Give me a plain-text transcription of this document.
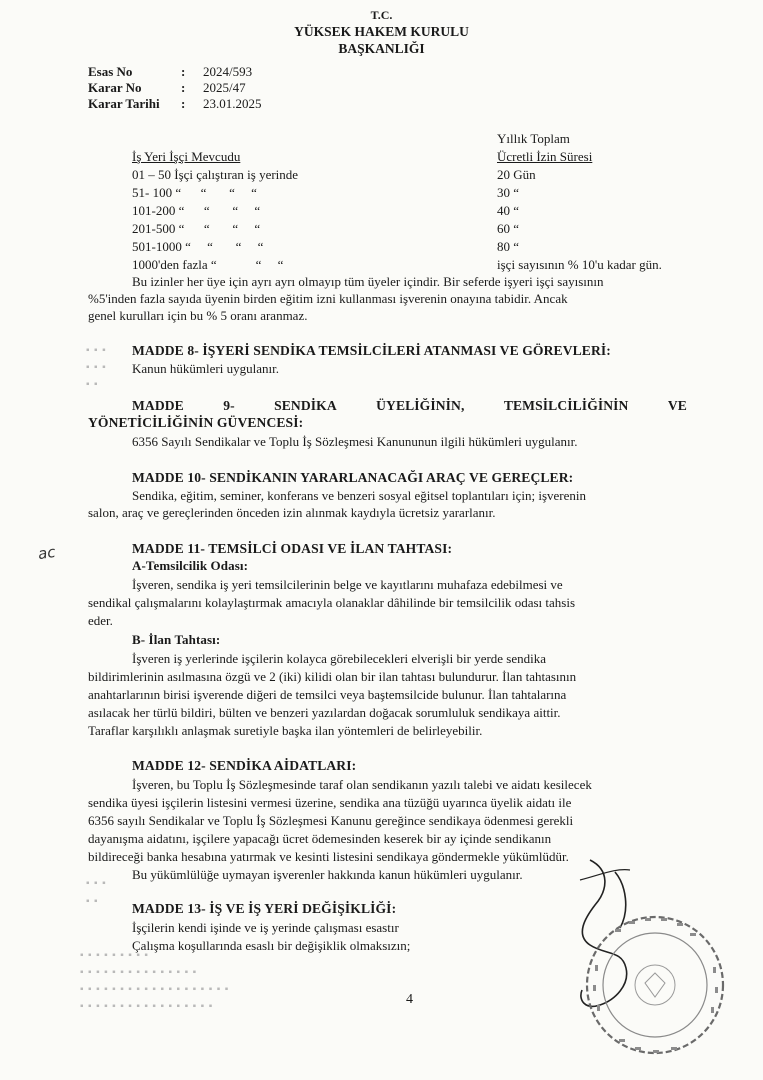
T.C.
YÜKSEK HAKEM KURULU
BAŞKANLIĞI
Esas No	: 2024/593
Karar No	: 2025/47
Karar Tarihi : 23.01.2025
Yıllık Toplam
İş Yeri İşçi Mevcudu	Ücretli İzin Süresi
01 – 50 İşçi çalıştıran iş yerinde	20 Gün
51- 100 “      “       “     “	30 “
101-200 “      “       “     “	40 “
201-500 “      “       “     “	60 “
501-1000 “     “       “     “	80 “
1000'den fazla “            “     “	işçi sayısının % 10'u kadar gün.
Bu izinler her üye için ayrı ayrı olmayıp tüm üyeler içindir. Bir seferde işyeri işçi sayısının
%5'inden fazla sayıda üyenin birden eğitim izni kullanması işverenin onayına tabidir. Ancak
genel kurulları için bu % 5 oranı aranmaz.
MADDE 8- İŞYERİ SENDİKA TEMSİLCİLERİ ATANMASI VE GÖREVLERİ:
Kanun hükümleri uygulanır.
MADDE	9-	SENDİKA	ÜYELİĞİNİN,	TEMSİLCİLİĞİNİN	VE
YÖNETİCİLİĞİNİN GÜVENCESİ:
6356 Sayılı Sendikalar ve Toplu İş Sözleşmesi Kanununun ilgili hükümleri uygulanır.
MADDE 10- SENDİKANIN YARARLANACAĞI ARAÇ VE GEREÇLER:
Sendika, eğitim, seminer, konferans ve benzeri sosyal eğitsel toplantıları için; işverenin
salon, araç ve gereçlerinden önceden izin alınmak kaydıyla ücretsiz yararlanır.
ac	MADDE 11- TEMSİLCİ ODASI VE İLAN TAHTASI:
A-Temsilcilik Odası:
İşveren, sendika iş yeri temsilcilerinin belge ve kayıtlarını muhafaza edebilmesi ve
sendikal çalışmalarını kolaylaştırmak amacıyla olanaklar dâhilinde bir temsilcilik odası tahsis
eder.
B- İlan Tahtası:
İşveren iş yerlerinde işçilerin kolayca görebilecekleri elverişli bir yerde sendika
bildirimlerinin asılmasına özgü ve 2 (iki) kilidi olan bir ilan tahtası bulundurur. İlan tahtasının
anahtarlarının birisi işverende diğeri de temsilci veya baştemsilcide bulunur. İlan tahtalarına
asılacak her türlü bildiri, bülten ve benzeri yazılardan doğacak sorumluluk sendikaya aittir.
Taraflar karşılıklı anlaşmak suretiyle başka ilan yöntemleri de belirleyebilir.
MADDE 12- SENDİKA AİDATLARI:
İşveren, bu Toplu İş Sözleşmesinde taraf olan sendikanın yazılı talebi ve aidatı kesilecek
sendika üyesi işçilerin listesini vermesi üzerine, sendika ana tüzüğü uyarınca üyelik aidatı ile
6356 sayılı Sendikalar ve Toplu İş Sözleşmesi Kanunu gereğince sendikaya ödenmesi gerekli
dayanışma aidatını, işçilere yapacağı ücret ödemesinden keserek bir ay içinde sendikanın
bildireceği banka hesabına yatırmak ve kesinti listesini sendikaya göndermekle yükümlüdür.
Bu yükümlülüğe uymayan işverenler hakkında kanun hükümleri uygulanır.
MADDE 13- İŞ VE İŞ YERİ DEĞİŞİKLİĞİ:
İşçilerin kendi işinde ve iş yerinde çalışması esastır
Çalışma koşullarında esaslı bir değişiklik olmaksızın;
▪ ▪ ▪
▪ ▪ ▪
▪ ▪
▪ ▪ ▪
▪ ▪
▪ ▪ ▪ ▪ ▪ ▪ ▪ ▪ ▪
▪ ▪ ▪ ▪ ▪ ▪ ▪ ▪ ▪ ▪ ▪ ▪ ▪ ▪ ▪
▪ ▪ ▪ ▪ ▪ ▪ ▪ ▪ ▪ ▪ ▪ ▪ ▪ ▪ ▪ ▪ ▪ ▪ ▪
▪ ▪ ▪ ▪ ▪ ▪ ▪ ▪ ▪ ▪ ▪ ▪ ▪ ▪ ▪ ▪ ▪	4
